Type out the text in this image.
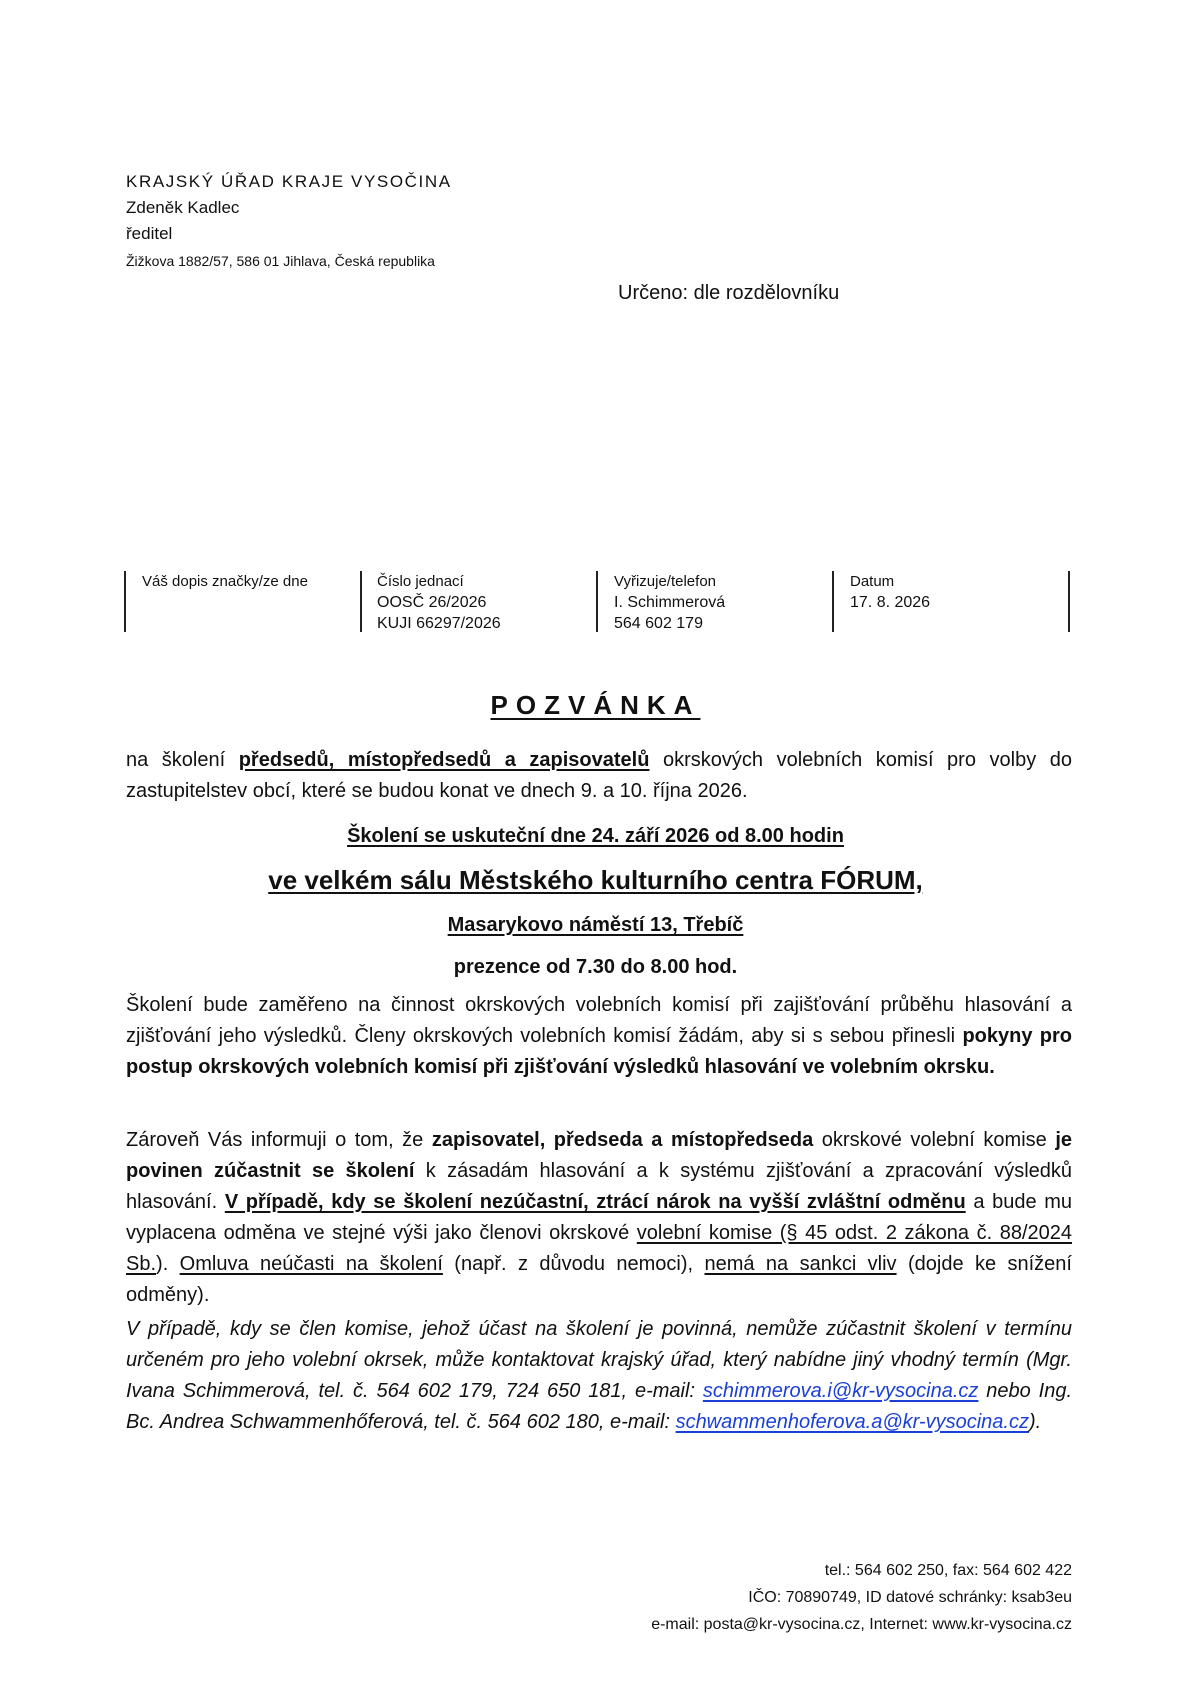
KRAJSKÝ ÚŘAD KRAJE VYSOČINA
Zdeněk Kadlec
ředitel
Žižkova 1882/57, 586 01 Jihlava, Česká republika
Určeno: dle rozdělovníku
Váš dopis značky/ze dne	Číslo jednací
OOSČ 26/2026
KUJI 66297/2026
Vyřizuje/telefon
I. Schimmerová
564 602 179
Datum
17. 8. 2026
POZVÁNKA
na školení předsedů, místopředsedů a zapisovatelů okrskových volebních komisí pro volby do zastupitelstev obcí, které se budou konat ve dnech 9. a 10. října 2026.
Školení se uskuteční dne 24. září 2026 od 8.00 hodin
ve velkém sálu Městského kulturního centra FÓRUM,
Masarykovo náměstí 13, Třebíč
prezence od 7.30 do 8.00 hod.
Školení bude zaměřeno na činnost okrskových volebních komisí při zajišťování průběhu hlasování a zjišťování jeho výsledků. Členy okrskových volebních komisí žádám, aby si s sebou přinesli pokyny pro postup okrskových volebních komisí při zjišťování výsledků hlasování ve volebním okrsku.
Zároveň Vás informuji o tom, že zapisovatel, předseda a místopředseda okrskové volební komise je povinen zúčastnit se školení k zásadám hlasování a k systému zjišťování a zpracování výsledků hlasování. V případě, kdy se školení nezúčastní, ztrácí nárok na vyšší zvláštní odměnu a bude mu vyplacena odměna ve stejné výši jako členovi okrskové volební komise (§ 45 odst. 2 zákona č. 88/2024 Sb.). Omluva neúčasti na školení (např. z důvodu nemoci), nemá na sankci vliv (dojde ke snížení odměny).
V případě, kdy se člen komise, jehož účast na školení je povinná, nemůže zúčastnit školení v termínu určeném pro jeho volební okrsek, může kontaktovat krajský úřad, který nabídne jiný vhodný termín (Mgr. Ivana Schimmerová, tel. č. 564 602 179, 724 650 181, e-mail: schimmerova.i@kr-vysocina.cz nebo Ing. Bc. Andrea Schwammenhőferová, tel. č. 564 602 180, e-mail: schwammenhoferova.a@kr-vysocina.cz).
tel.: 564 602 250, fax: 564 602 422
IČO: 70890749, ID datové schránky: ksab3eu
e-mail: posta@kr-vysocina.cz, Internet: www.kr-vysocina.cz
